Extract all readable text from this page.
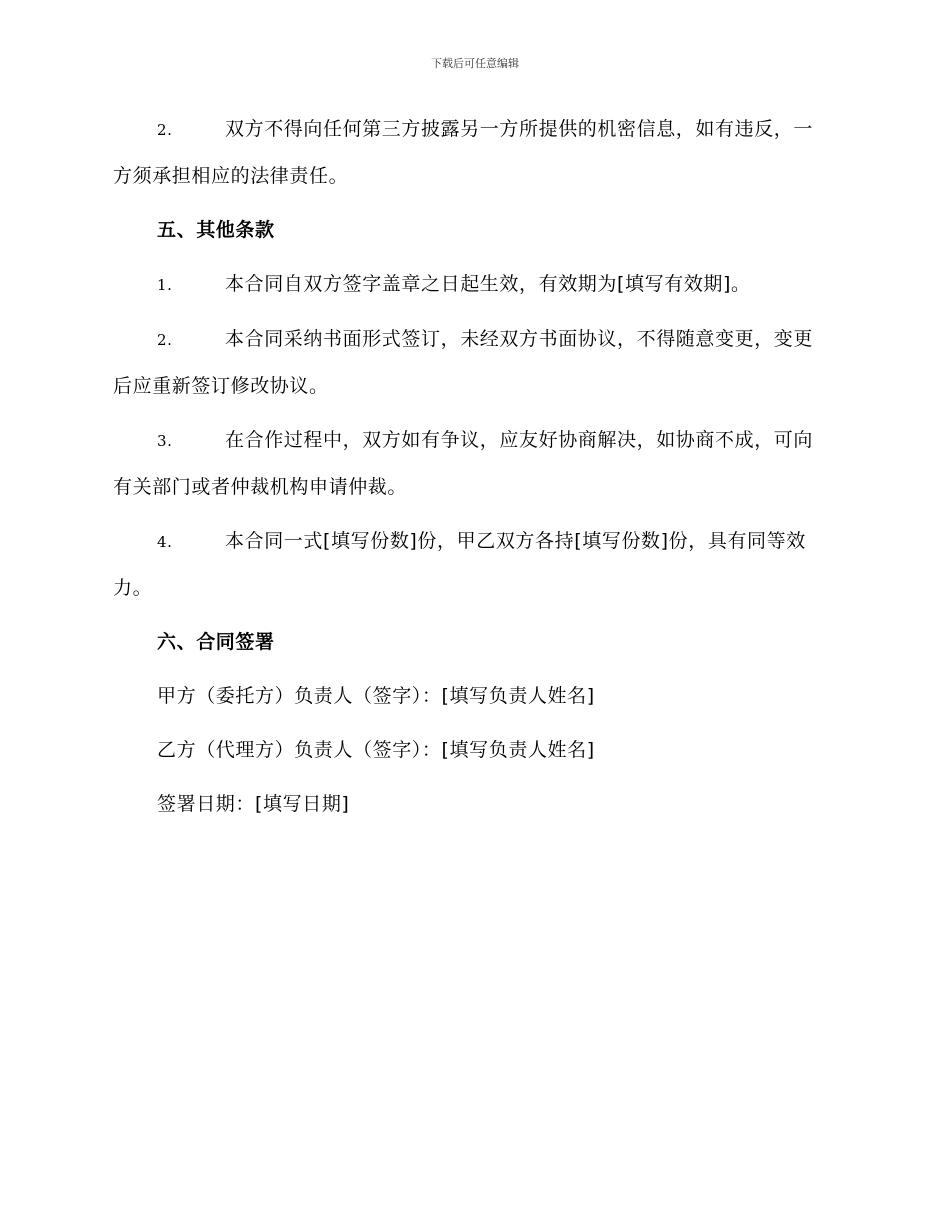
下载后可任意编辑

2.	双方不得向任何第三方披露另一方所提供的机密信息，如有违反，一方须承担相应的法律责任。

五、其他条款

1.	本合同自双方签字盖章之日起生效，有效期为[填写有效期]。

2.	本合同采纳书面形式签订，未经双方书面协议，不得随意变更，变更后应重新签订修改协议。

3.	在合作过程中，双方如有争议，应友好协商解决，如协商不成，可向有关部门或者仲裁机构申请仲裁。

4.	本合同一式[填写份数]份，甲乙双方各持[填写份数]份，具有同等效力。

六、合同签署

甲方（委托方）负责人（签字）：[填写负责人姓名]

乙方（代理方）负责人（签字）：[填写负责人姓名]

签署日期：[填写日期]
